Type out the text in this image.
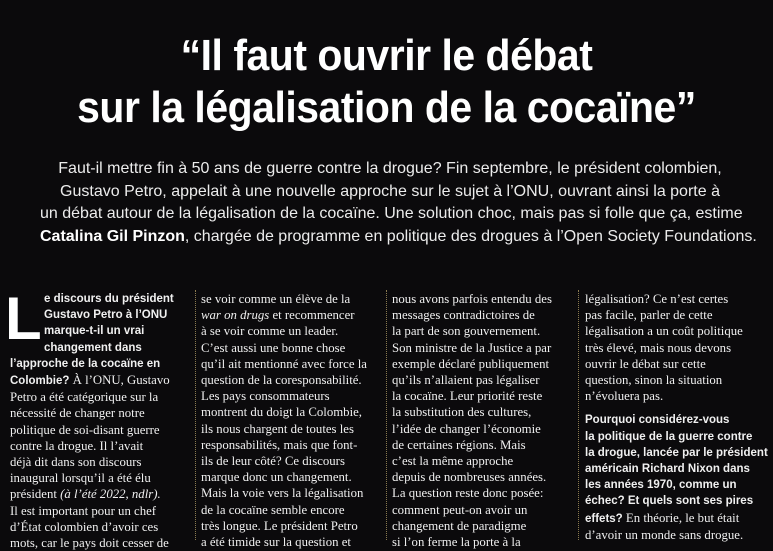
“Il faut ouvrir le débat
sur la légalisation de la cocaïne”
Faut-il mettre fin à 50 ans de guerre contre la drogue? Fin septembre, le président colombien,
Gustavo Petro, appelait à une nouvelle approche sur le sujet à l’ONU, ouvrant ainsi la porte à
un débat autour de la légalisation de la cocaïne. Une solution choc, mais pas si folle que ça, estime
Catalina Gil Pinzon, chargée de programme en politique des drogues à l’Open Society Foundations.
L e discours du président
Gustavo Petro à l’ONU
marque-t-il un vrai
changement dans
l’approche de la cocaïne en
Colombie? À l’ONU, Gustavo
Petro a été catégorique sur la
nécessité de changer notre
politique de soi-disant guerre
contre la drogue. Il l’avait
déjà dit dans son discours
inaugural lorsqu’il a été élu
président (à l’été 2022, ndlr).
Il est important pour un chef
d’État colombien d’avoir ces
mots, car le pays doit cesser de
se voir comme un élève de la
war on drugs et recommencer
à se voir comme un leader.
C’est aussi une bonne chose
qu’il ait mentionné avec force la
question de la coresponsabilité.
Les pays consommateurs
montrent du doigt la Colombie,
ils nous chargent de toutes les
responsabilités, mais que font-
ils de leur côté? Ce discours
marque donc un changement.
Mais la voie vers la légalisation
de la cocaïne semble encore
très longue. Le président Petro
a été timide sur la question et
nous avons parfois entendu des
messages contradictoires de
la part de son gouvernement.
Son ministre de la Justice a par
exemple déclaré publiquement
qu’ils n’allaient pas légaliser
la cocaïne. Leur priorité reste
la substitution des cultures,
l’idée de changer l’économie
de certaines régions. Mais
c’est la même approche
depuis de nombreuses années.
La question reste donc posée:
comment peut-on avoir un
changement de paradigme
si l’on ferme la porte à la
légalisation? Ce n’est certes
pas facile, parler de cette
légalisation a un coût politique
très élevé, mais nous devons
ouvrir le débat sur cette
question, sinon la situation
n’évoluera pas.
Pourquoi considérez-vous
la politique de la guerre contre
la drogue, lancée par le président
américain Richard Nixon dans
les années 1970, comme un
échec? Et quels sont ses pires
effets? En théorie, le but était
d’avoir un monde sans drogue.
